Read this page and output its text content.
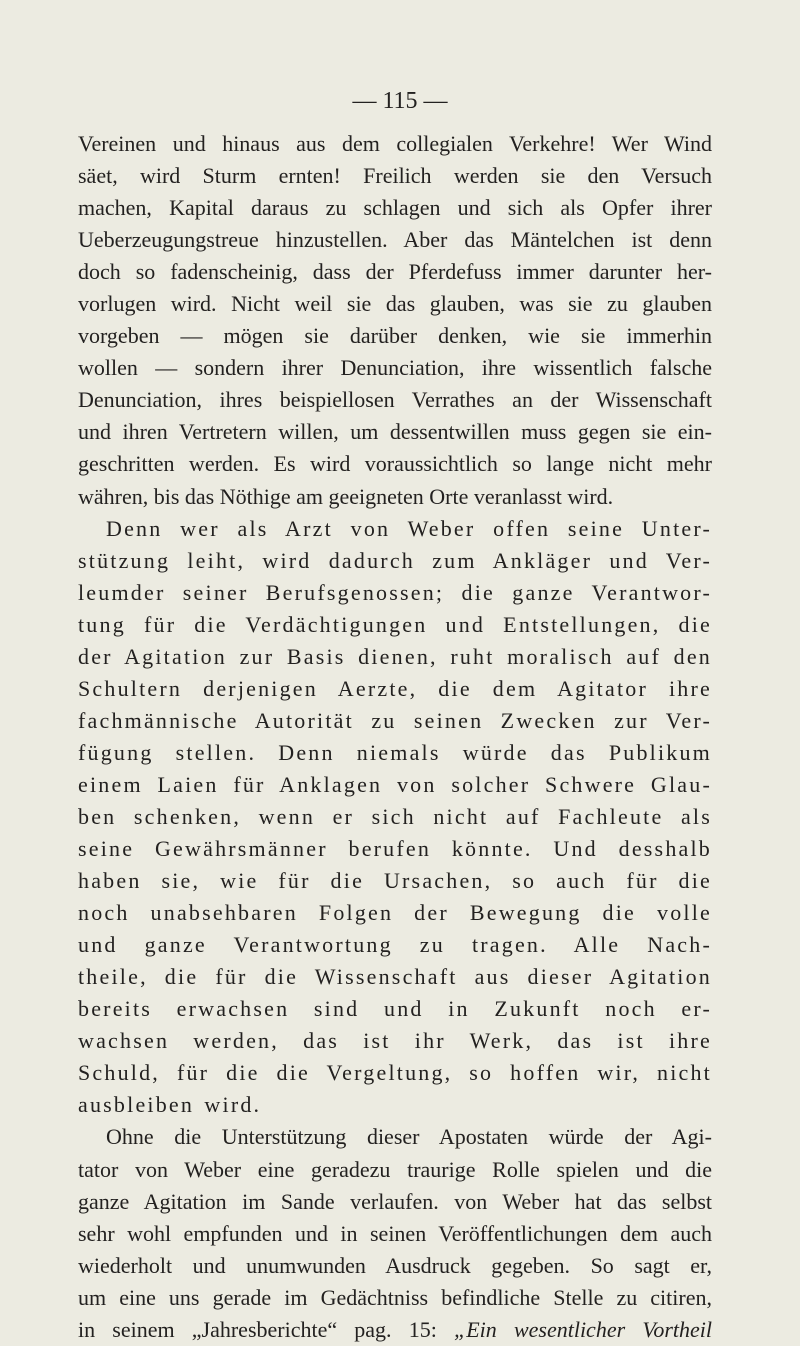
— 115 —
Vereinen und hinaus aus dem collegialen Verkehre! Wer Wind
säet, wird Sturm ernten! Freilich werden sie den Versuch
machen, Kapital daraus zu schlagen und sich als Opfer ihrer
Ueberzeugungstreue hinzustellen. Aber das Mäntelchen ist denn
doch so fadenscheinig, dass der Pferdefuss immer darunter her-
vorlugen wird. Nicht weil sie das glauben, was sie zu glauben
vorgeben — mögen sie darüber denken, wie sie immerhin
wollen — sondern ihrer Denunciation, ihre wissentlich falsche
Denunciation, ihres beispiellosen Verrathes an der Wissenschaft
und ihren Vertretern willen, um dessentwillen muss gegen sie ein-
geschritten werden. Es wird voraussichtlich so lange nicht mehr
währen, bis das Nöthige am geeigneten Orte veranlasst wird.
Denn wer als Arzt von Weber offen seine Unter-
stützung leiht, wird dadurch zum Ankläger und Ver-
leumder seiner Berufsgenossen; die ganze Verantwor-
tung für die Verdächtigungen und Entstellungen, die
der Agitation zur Basis dienen, ruht moralisch auf den
Schultern derjenigen Aerzte, die dem Agitator ihre
fachmännische Autorität zu seinen Zwecken zur Ver-
fügung stellen. Denn niemals würde das Publikum
einem Laien für Anklagen von solcher Schwere Glau-
ben schenken, wenn er sich nicht auf Fachleute als
seine Gewährsmänner berufen könnte. Und desshalb
haben sie, wie für die Ursachen, so auch für die
noch unabsehbaren Folgen der Bewegung die volle
und ganze Verantwortung zu tragen. Alle Nach-
theile, die für die Wissenschaft aus dieser Agitation
bereits erwachsen sind und in Zukunft noch er-
wachsen werden, das ist ihr Werk, das ist ihre
Schuld, für die die Vergeltung, so hoffen wir, nicht
ausbleiben wird.
Ohne die Unterstützung dieser Apostaten würde der Agi-
tator von Weber eine geradezu traurige Rolle spielen und die
ganze Agitation im Sande verlaufen. von Weber hat das selbst
sehr wohl empfunden und in seinen Veröffentlichungen dem auch
wiederholt und unumwunden Ausdruck gegeben. So sagt er,
um eine uns gerade im Gedächtniss befindliche Stelle zu citiren,
in seinem „Jahresberichte“ pag. 15: „Ein wesentlicher Vortheil
